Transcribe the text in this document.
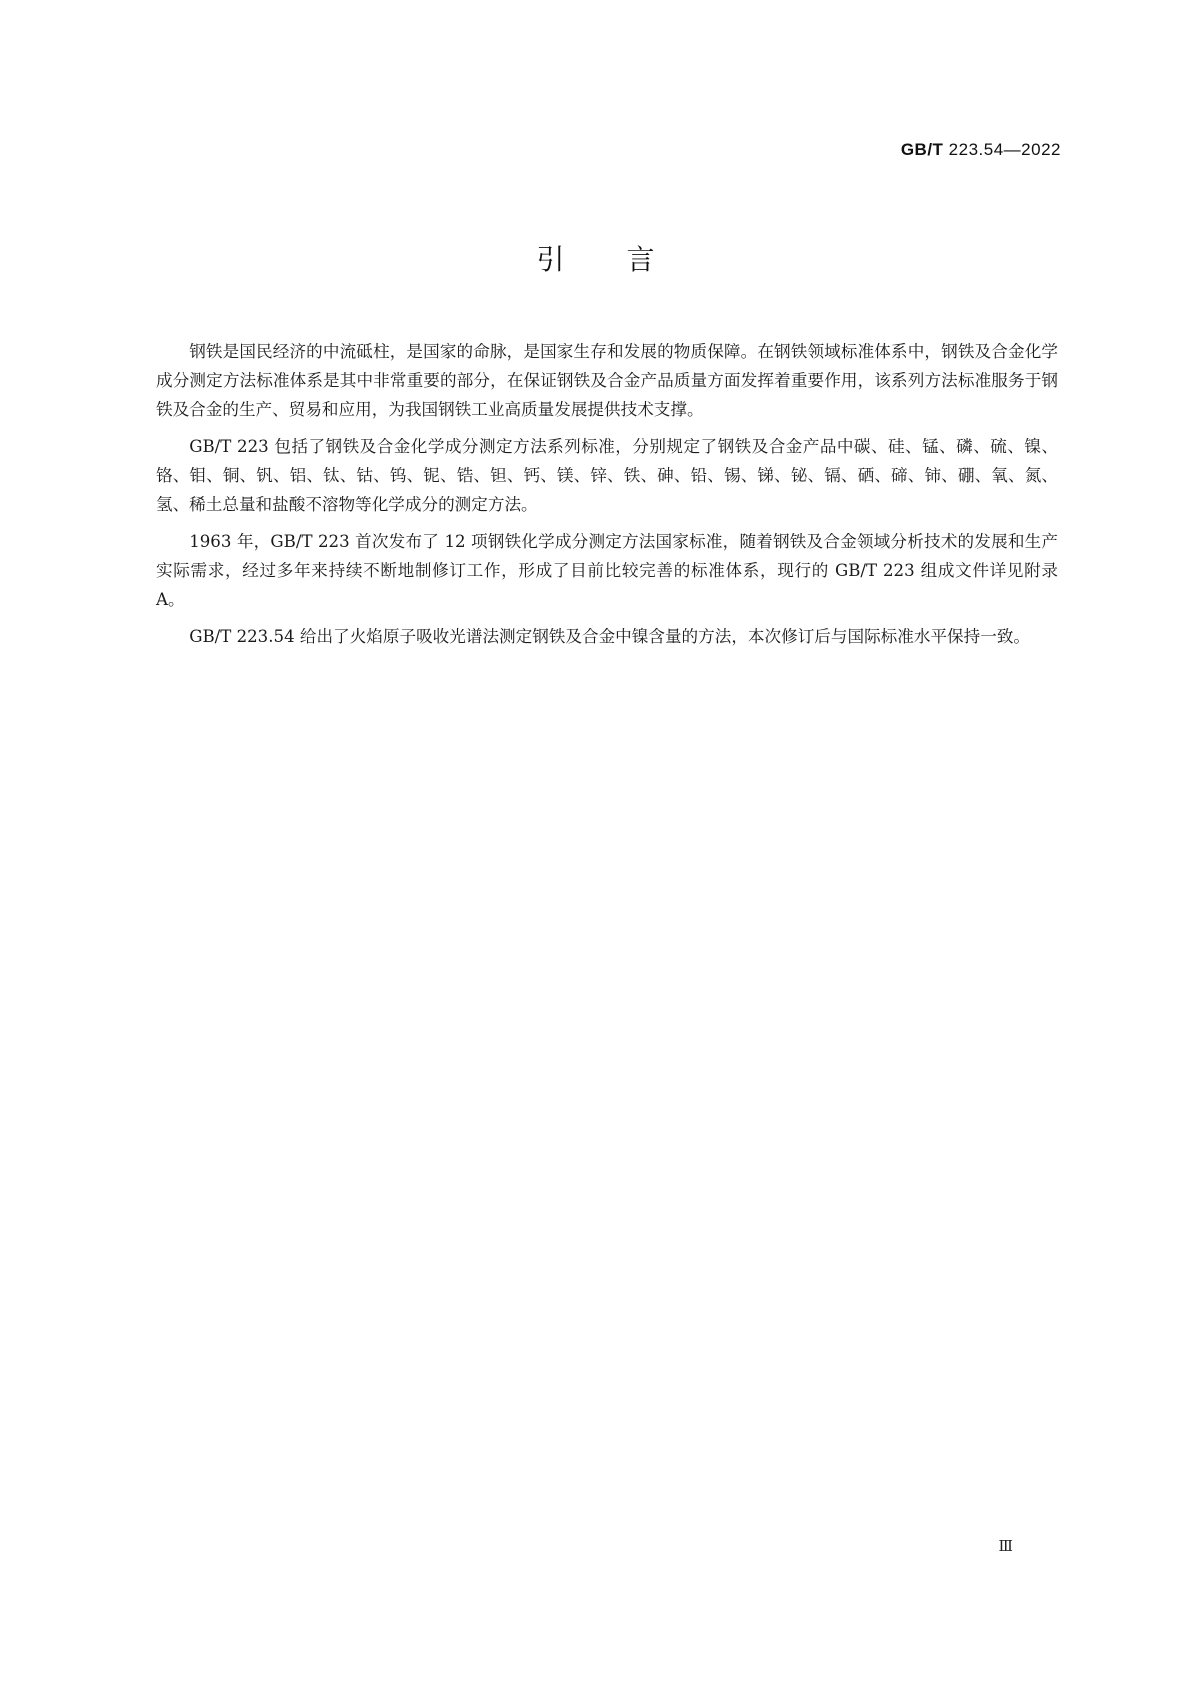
GB/T 223.54—2022
引言

钢铁是国民经济的中流砥柱，是国家的命脉，是国家生存和发展的物质保障。在钢铁领域标准体系中，钢铁及合金化学成分测定方法标准体系是其中非常重要的部分，在保证钢铁及合金产品质量方面发挥着重要作用，该系列方法标准服务于钢铁及合金的生产、贸易和应用，为我国钢铁工业高质量发展提供技术支撑。

GB/T 223 包括了钢铁及合金化学成分测定方法系列标准，分别规定了钢铁及合金产品中碳、硅、锰、磷、硫、镍、铬、钼、铜、钒、铝、钛、钴、钨、铌、锆、钽、钙、镁、锌、铁、砷、铅、锡、锑、铋、镉、硒、碲、铈、硼、氧、氮、氢、稀土总量和盐酸不溶物等化学成分的测定方法。

1963 年，GB/T 223 首次发布了 12 项钢铁化学成分测定方法国家标准，随着钢铁及合金领域分析技术的发展和生产实际需求，经过多年来持续不断地制修订工作，形成了目前比较完善的标准体系，现行的 GB/T 223 组成文件详见附录 A。

GB/T 223.54 给出了火焰原子吸收光谱法测定钢铁及合金中镍含量的方法，本次修订后与国际标准水平保持一致。

Ⅲ
